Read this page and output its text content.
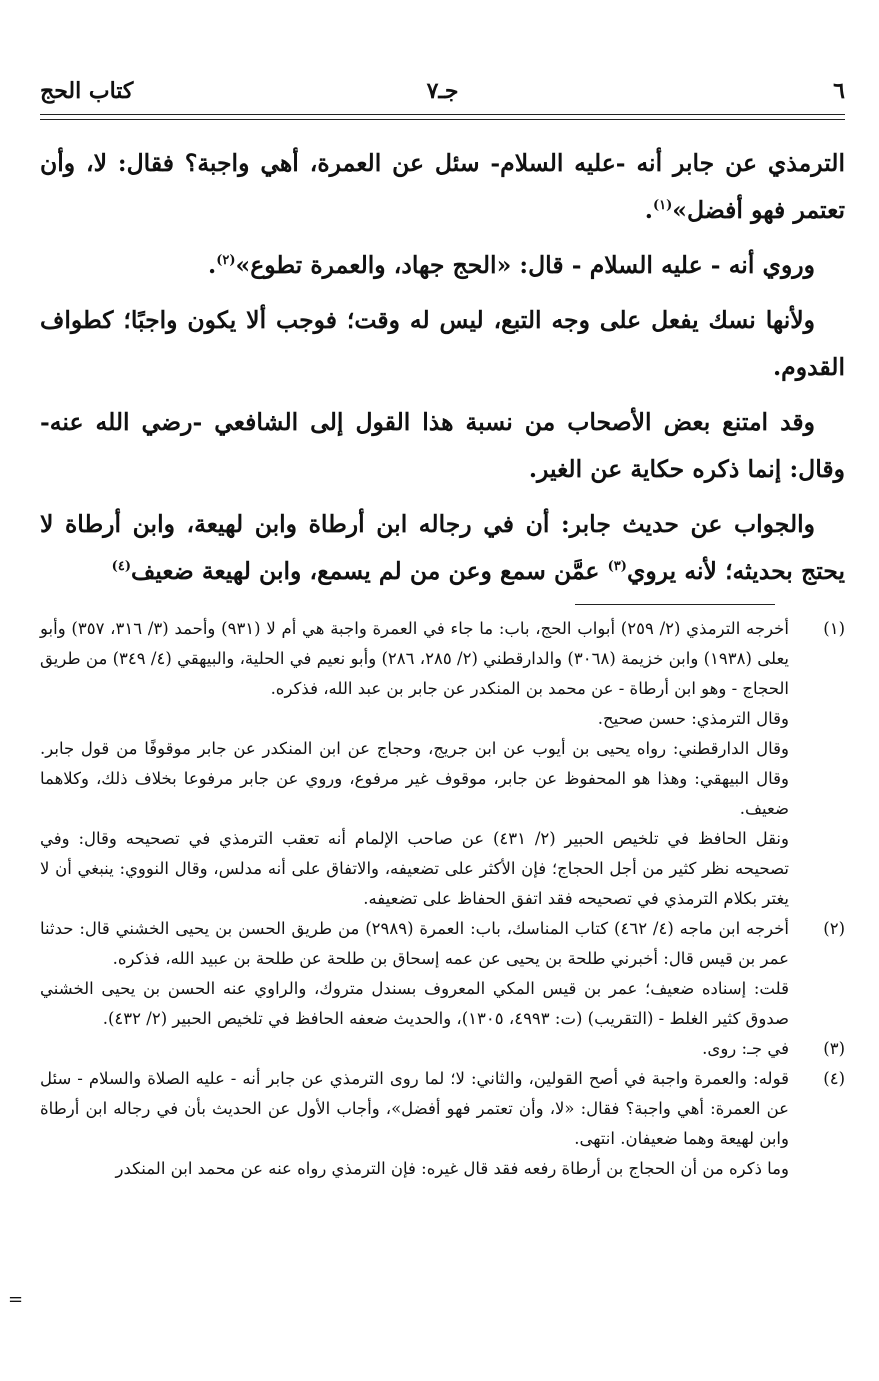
٦
جـ٧
كتاب الحج

الترمذي عن جابر أنه -عليه السلام- سئل عن العمرة، أهي واجبة؟ فقال: لا، وأن تعتمر فهو أفضل»$^{(١)}$.

وروي أنه - عليه السلام - قال: «الحج جهاد، والعمرة تطوع»$^{(٢)}$.

ولأنها نسك يفعل على وجه التبع، ليس له وقت؛ فوجب ألا يكون واجبًا؛ كطواف القدوم.

وقد امتنع بعض الأصحاب من نسبة هذا القول إلى الشافعي -رضي الله عنه- وقال: إنما ذكره حكاية عن الغير.

والجواب عن حديث جابر: أن في رجاله ابن أرطاة وابن لهيعة، وابن أرطاة لا يحتج بحديثه؛ لأنه يروي$^{(٣)}$ عمَّن سمع وعن من لم يسمع، وابن لهيعة ضعيف$^{(٤)}$

(١)
أخرجه الترمذي (٢/ ٢٥٩) أبواب الحج، باب: ما جاء في العمرة واجبة هي أم لا (٩٣١) وأحمد (٣/ ٣١٦، ٣٥٧) وأبو يعلى (١٩٣٨) وابن خزيمة (٣٠٦٨) والدارقطني (٢/ ٢٨٥، ٢٨٦) وأبو نعيم في الحلية، والبيهقي (٤/ ٣٤٩) من طريق الحجاج - وهو ابن أرطاة - عن محمد بن المنكدر عن جابر بن عبد الله، فذكره.
وقال الترمذي: حسن صحيح.
وقال الدارقطني: رواه يحيى بن أيوب عن ابن جريج، وحجاج عن ابن المنكدر عن جابر موقوفًا من قول جابر. وقال البيهقي: وهذا هو المحفوظ عن جابر، موقوف غير مرفوع، وروي عن جابر مرفوعا بخلاف ذلك، وكلاهما ضعيف.
ونقل الحافظ في تلخيص الحبير (٢/ ٤٣١) عن صاحب الإلمام أنه تعقب الترمذي في تصحيحه وقال: وفي تصحيحه نظر كثير من أجل الحجاج؛ فإن الأكثر على تضعيفه، والاتفاق على أنه مدلس، وقال النووي: ينبغي أن لا يغتر بكلام الترمذي في تصحيحه فقد اتفق الحفاظ على تضعيفه.
(٢)
أخرجه ابن ماجه (٤/ ٤٦٢) كتاب المناسك، باب: العمرة (٢٩٨٩) من طريق الحسن بن يحيى الخشني قال: حدثنا عمر بن قيس قال: أخبرني طلحة بن يحيى عن عمه إسحاق بن طلحة عن طلحة بن عبيد الله، فذكره.
قلت: إسناده ضعيف؛ عمر بن قيس المكي المعروف بسندل متروك، والراوي عنه الحسن بن يحيى الخشني صدوق كثير الغلط - (التقريب) (ت: ٤٩٩٣، ١٣٠٥)، والحديث ضعفه الحافظ في تلخيص الحبير (٢/ ٤٣٢).
(٣)
في جـ: روى.
(٤)
قوله: والعمرة واجبة في أصح القولين، والثاني: لا؛ لما روى الترمذي عن جابر أنه - عليه الصلاة والسلام - سئل عن العمرة: أهي واجبة؟ فقال: «لا، وأن تعتمر فهو أفضل»، وأجاب الأول عن الحديث بأن في رجاله ابن أرطاة وابن لهيعة وهما ضعيفان. انتهى.
وما ذكره من أن الحجاج بن أرطاة رفعه فقد قال غيره: فإن الترمذي رواه عنه عن محمد ابن المنكدر
=
